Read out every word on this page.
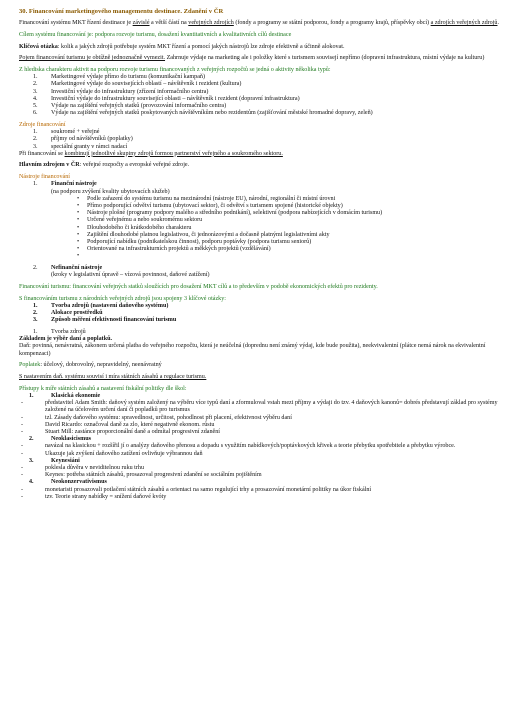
30. Financování marketingového managementu destinace. Zdanění v ČR

Financování systému MKT řízení destinace je závislé a větší částí na veřejných zdrojích (fondy a programy se státní podporou, fondy a programy krajů, příspěvky obcí) a zdrojích veřejných zdrojů.

Cílem systému financování je: podpora rozvoje turismu, dosažení kvantitativních a kvalitativních cílů destinace

Klíčová otázka: kolik a jakých zdrojů potřebuje systém MKT řízení a pomocí jakých nástrojů lze zdroje efektivně a účinně alokovat.

Pojem financování turismu je obtížně jednoznačně vymezit. Zahrnuje výdaje na marketing ale i položky které s turismem souvisejí nepřímo (dopravní infrastruktura, místní výdaje na kulturu)

Z hlediska charakteru aktivit na podporu rozvoje turismu financovaných z veřejných rozpočtů se jedná o aktivity několika typů:
1.	Marketingové výdaje přímo do turismu (komunikační kampaň)
2.	Marketingové výdaje do souvisejících oblastí – návštěvník i rezident (kultura)
3.	Investiční výdaje do infrastruktury (zřízení informačního centra)
4.	Investiční výdaje do infrastruktury související oblasti – návštěvník i rezident (dopravní infrastruktura)
5.	Výdaje na zajištění veřejných statků (provozování informačního centra)
6.	Výdaje na zajištění veřejných statků poskytovaných návštěvníkům nebo rezidentům (zajišťování městské hromadné dopravy, zeleň)
Zdroje financování
1.	soukromé + veřejné
2.	příjmy od návštěvníků (poplatky)
3.	speciální granty v rámci nadací

Při financování se kombinují jednotlivé skupiny zdrojů formou partnerství veřejného a soukromého sektoru.

Hlavním zdrojem v ČR: veřejné rozpočty a evropské veřejné zdroje.

Nástroje financování
1.	Finanční nástroje
(na podporu zvýšení kvality ubytovacích služeb)
•	Podle zařazení do systému turismu na mezinárodní (nástroje EU), národní, regionální či místní úrovni
•	Přímo podporující odvětví turismu (ubytovací sektor), či odvětví s turismem spojené (historické objekty)
•	Nástroje plošné (programy podpory malého a středního podnikání), selektivní (podpora nabízejících v domácím turismu)
•	Určené veřejnému a nebo soukromému sektoru
•	Dlouhodobého či krátkodobého charakteru
•	Zajištění dlouhodobé platnou legislativou, či jednorázovými a dočasně platnými legislativními akty
•	Podporující nabídku (podnikatelskou činnost), podporu poptávky (podpora turismu seniorů)
•	Orientované na infrastrukturních projektů a měkkých projektů (vzdělávání)
•
2.	Nefinanční nástroje
(kroky v legislativní úpravě – vízová povinnost, daňové zatížení)

Financování turismu: financování veřejných statků sloužících pro dosažení MKT cílů a to především v podobě ekonomických efektů pro rezidenty.

S financováním turismu z národních veřejných zdrojů jsou spojeny 3 klíčové otázky:
1.	Tvorba zdrojů (nastavení daňového systému)
2.	Alokace prostředků
3.	Způsob měření efektivnosti financování turismu
1.	Tvorba zdrojů
Základem je výběr daní a poplatků.

Daň: povinná, nenávratná, zákonem určená platba do veřejného rozpočtu, která je neúčelná (doprednu není známý výdaj, kde bude použita), neekvivalentní (plátce nemá nárok na ekvivalentní kompenzaci)

Poplatek: účelový, dobrovolný, nepravidelný, neenávratný

S nastavením daň. systému souvisí i míra státních zásahů a regulace turismu.

Přístupy k míře státních zásahů a nastavení fiskální politiky dle škol:
1.	Klasická ekonomie
-	představitel Adam Smith: daňový systém založený na výběru více typů daní a zformuloval vstah mezi příjmy a výdaji do tzv. 4 daňových kanonů= dobrés představují základ pro systémy založené na účelovém určení daní či popladků pro turismus
-	tzl. Zásady daňového systému: spravedlnost, určitost, pohodlnost při placení, efektivnost výběru daní
-	David Ricardo: označoval daně za zlo, které negativně ekonom. růstu
-	Stuart Mill: zastánce proporcionální daně a odmítal progresivní zdanění
2.	Neoklasicismus
-	navázal na klasickou + rozšířil jí o analýzy daňového přenosu a dopadu s využitím nabídkových/poptávkových křivek a teorie přebytku spotřebitele a přebytku výrobce.
-	Ukazuje jak zvýšení daňového zatížení ovlivňuje výbrannou daň
3.	Keynesiáni
-	poklesla důvěra v neviditelnou ruku trhu
-	Keynes: potřeba státních zásahů, prosazoval progresivní zdanění se sociálním pojištěním
4.	Neokonzervativismus
-	monetaristi prosazovali potlačení státních zásahů a orientaci na samo regulující trhy a prosazování monetární politiky na úkor fiskální
-	tzv. Teorie strany nabídky = snížení daňové kvóty
